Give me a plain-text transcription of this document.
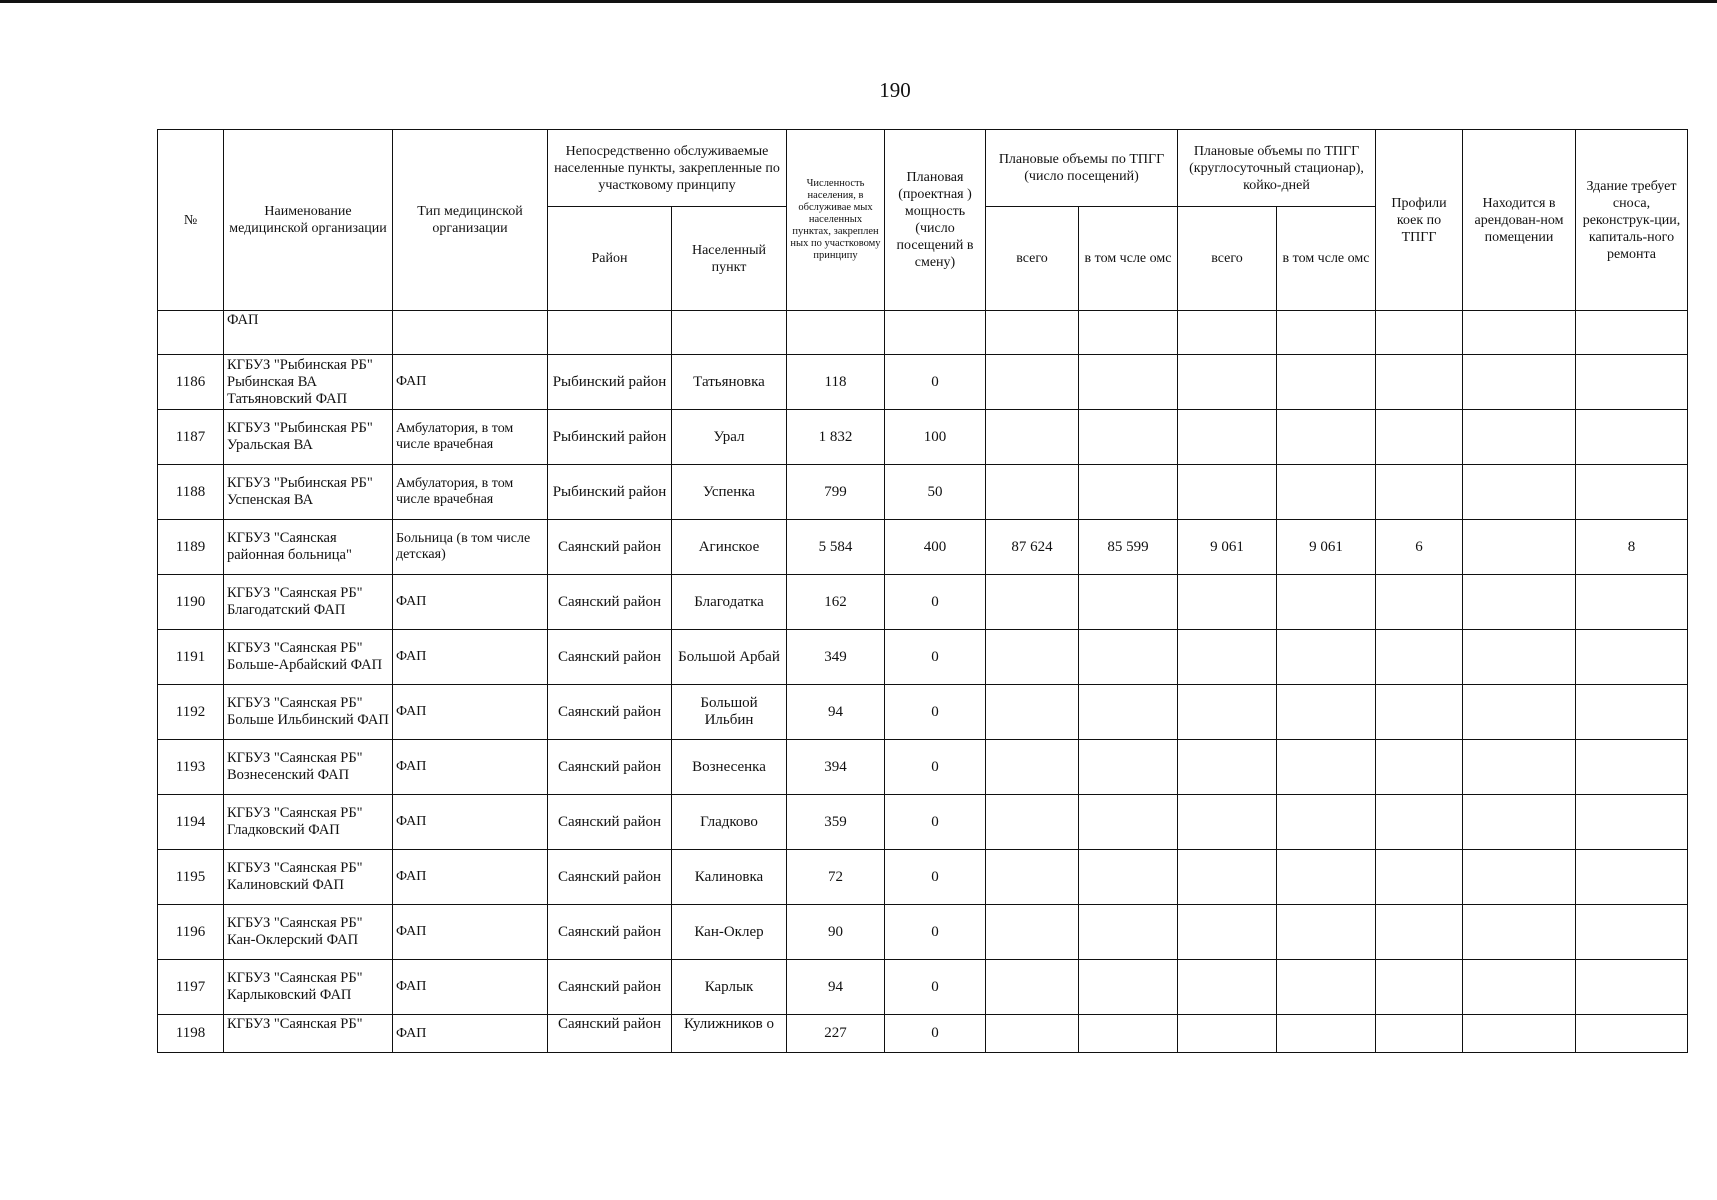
190
№	Наименование медицинской организации	Тип медицинской организации	Непосредственно обслуживаемые населенные пункты, закрепленные по участковому принципу		Численность населения, в обслуживае мых населенных пунктах, закреплен ных по участковому принципу	Плановая (проектная ) мощность (число посещений в смену)	Плановые объемы по ТПГГ (число посещений)		Плановые объемы по ТПГГ (круглосуточный стационар), койко-дней		Профили коек по ТПГГ	Находится в арендован-ном помещении	Здание требует сноса, реконструк-ции, капиталь-ного ремонта
			Район	Населенный пункт			всего	в том чсле омс	всего	в том чсле омс			
	ФАП												
1186	КГБУЗ "Рыбинская РБ" Рыбинская ВА Татьяновский ФАП	ФАП	Рыбинский район	Татьяновка	118	0							
1187	КГБУЗ "Рыбинская РБ" Уральская ВА	Амбулатория, в том числе врачебная	Рыбинский район	Урал	1 832	100							
1188	КГБУЗ "Рыбинская РБ" Успенская ВА	Амбулатория, в том числе врачебная	Рыбинский район	Успенка	799	50							
1189	КГБУЗ "Саянская районная больница"	Больница (в том числе детская)	Саянский район	Агинское	5 584	400	87 624	85 599	9 061	9 061	6		8
1190	КГБУЗ "Саянская РБ" Благодатский ФАП	ФАП	Саянский район	Благодатка	162	0							
1191	КГБУЗ "Саянская РБ" Больше-Арбайский ФАП	ФАП	Саянский район	Большой Арбай	349	0							
1192	КГБУЗ "Саянская РБ" Больше Ильбинский ФАП	ФАП	Саянский район	Большой Ильбин	94	0							
1193	КГБУЗ "Саянская РБ" Вознесенский ФАП	ФАП	Саянский район	Вознесенка	394	0							
1194	КГБУЗ "Саянская РБ" Гладковский ФАП	ФАП	Саянский район	Гладково	359	0							
1195	КГБУЗ "Саянская РБ" Калиновский ФАП	ФАП	Саянский район	Калиновка	72	0							
1196	КГБУЗ "Саянская РБ" Кан-Оклерский ФАП	ФАП	Саянский район	Кан-Оклер	90	0							
1197	КГБУЗ "Саянская РБ" Карлыковский ФАП	ФАП	Саянский район	Карлык	94	0							
1198	КГБУЗ "Саянская РБ"	ФАП	Саянский район	Кулижников о	227	0							
